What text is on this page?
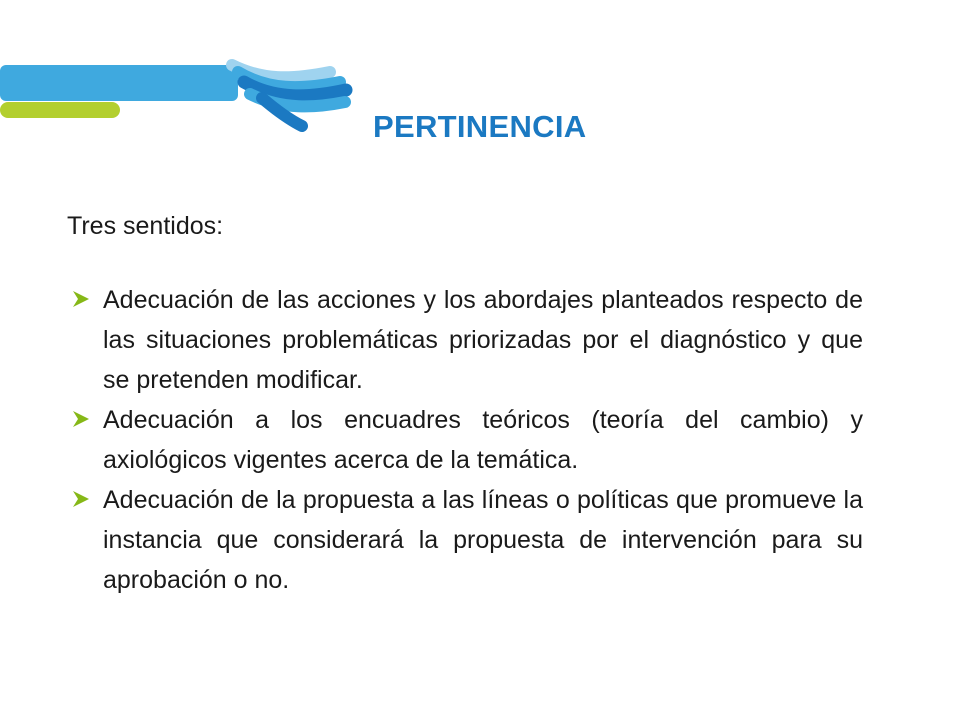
PERTINENCIA

Tres sentidos:

Adecuación de las acciones y los abordajes planteados respecto de las situaciones problemáticas priorizadas por el diagnóstico y que se pretenden modificar.
Adecuación a los encuadres teóricos (teoría del cambio) y axiológicos vigentes acerca de la temática.
Adecuación de la propuesta a las líneas o políticas que promueve la instancia que considerará la propuesta de intervención para su aprobación o no.
